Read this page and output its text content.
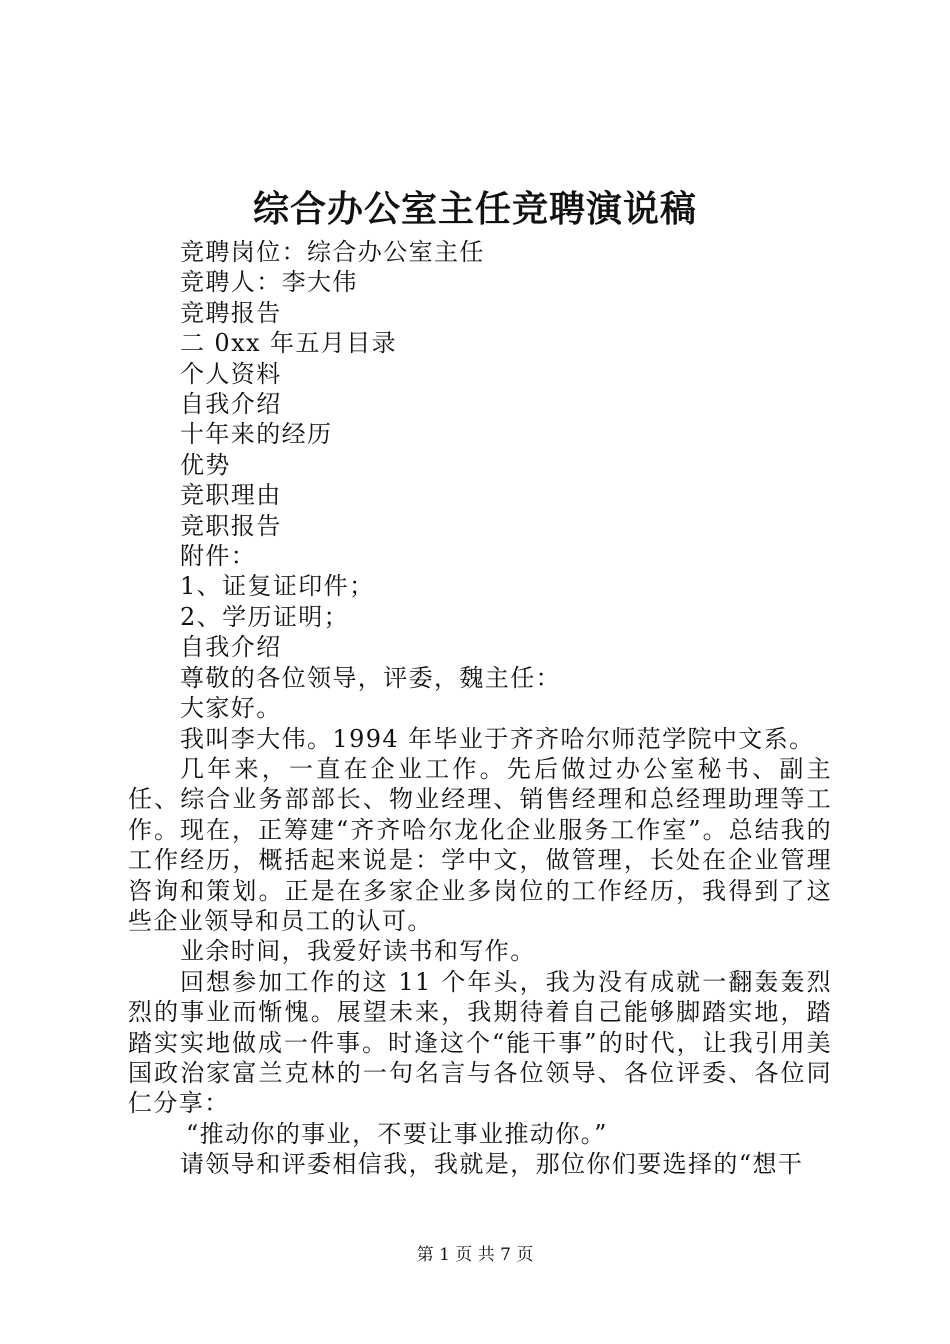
综合办公室主任竞聘演说稿

竞聘岗位：综合办公室主任

竞聘人：李大伟

竞聘报告

二 0xx 年五月目录

个人资料

自我介绍

十年来的经历

优势

竞职理由

竞职报告

附件：

1、证复证印件；

2、学历证明；

自我介绍

尊敬的各位领导，评委，魏主任：

大家好。

我叫李大伟。1994 年毕业于齐齐哈尔师范学院中文系。

几年来，一直在企业工作。先后做过办公室秘书、副主任、综合业务部部长、物业经理、销售经理和总经理助理等工作。现在，正筹建“齐齐哈尔龙化企业服务工作室”。总结我的工作经历，概括起来说是：学中文，做管理，长处在企业管理咨询和策划。正是在多家企业多岗位的工作经历，我得到了这些企业领导和员工的认可。

业余时间，我爱好读书和写作。

回想参加工作的这 11 个年头，我为没有成就一翻轰轰烈烈的事业而惭愧。展望未来，我期待着自己能够脚踏实地，踏踏实实地做成一件事。时逢这个“能干事”的时代，让我引用美国政治家富兰克林的一句名言与各位领导、各位评委、各位同仁分享：

“推动你的事业，不要让事业推动你。”

请领导和评委相信我，我就是，那位你们要选择的“想干

第 1 页 共 7 页
